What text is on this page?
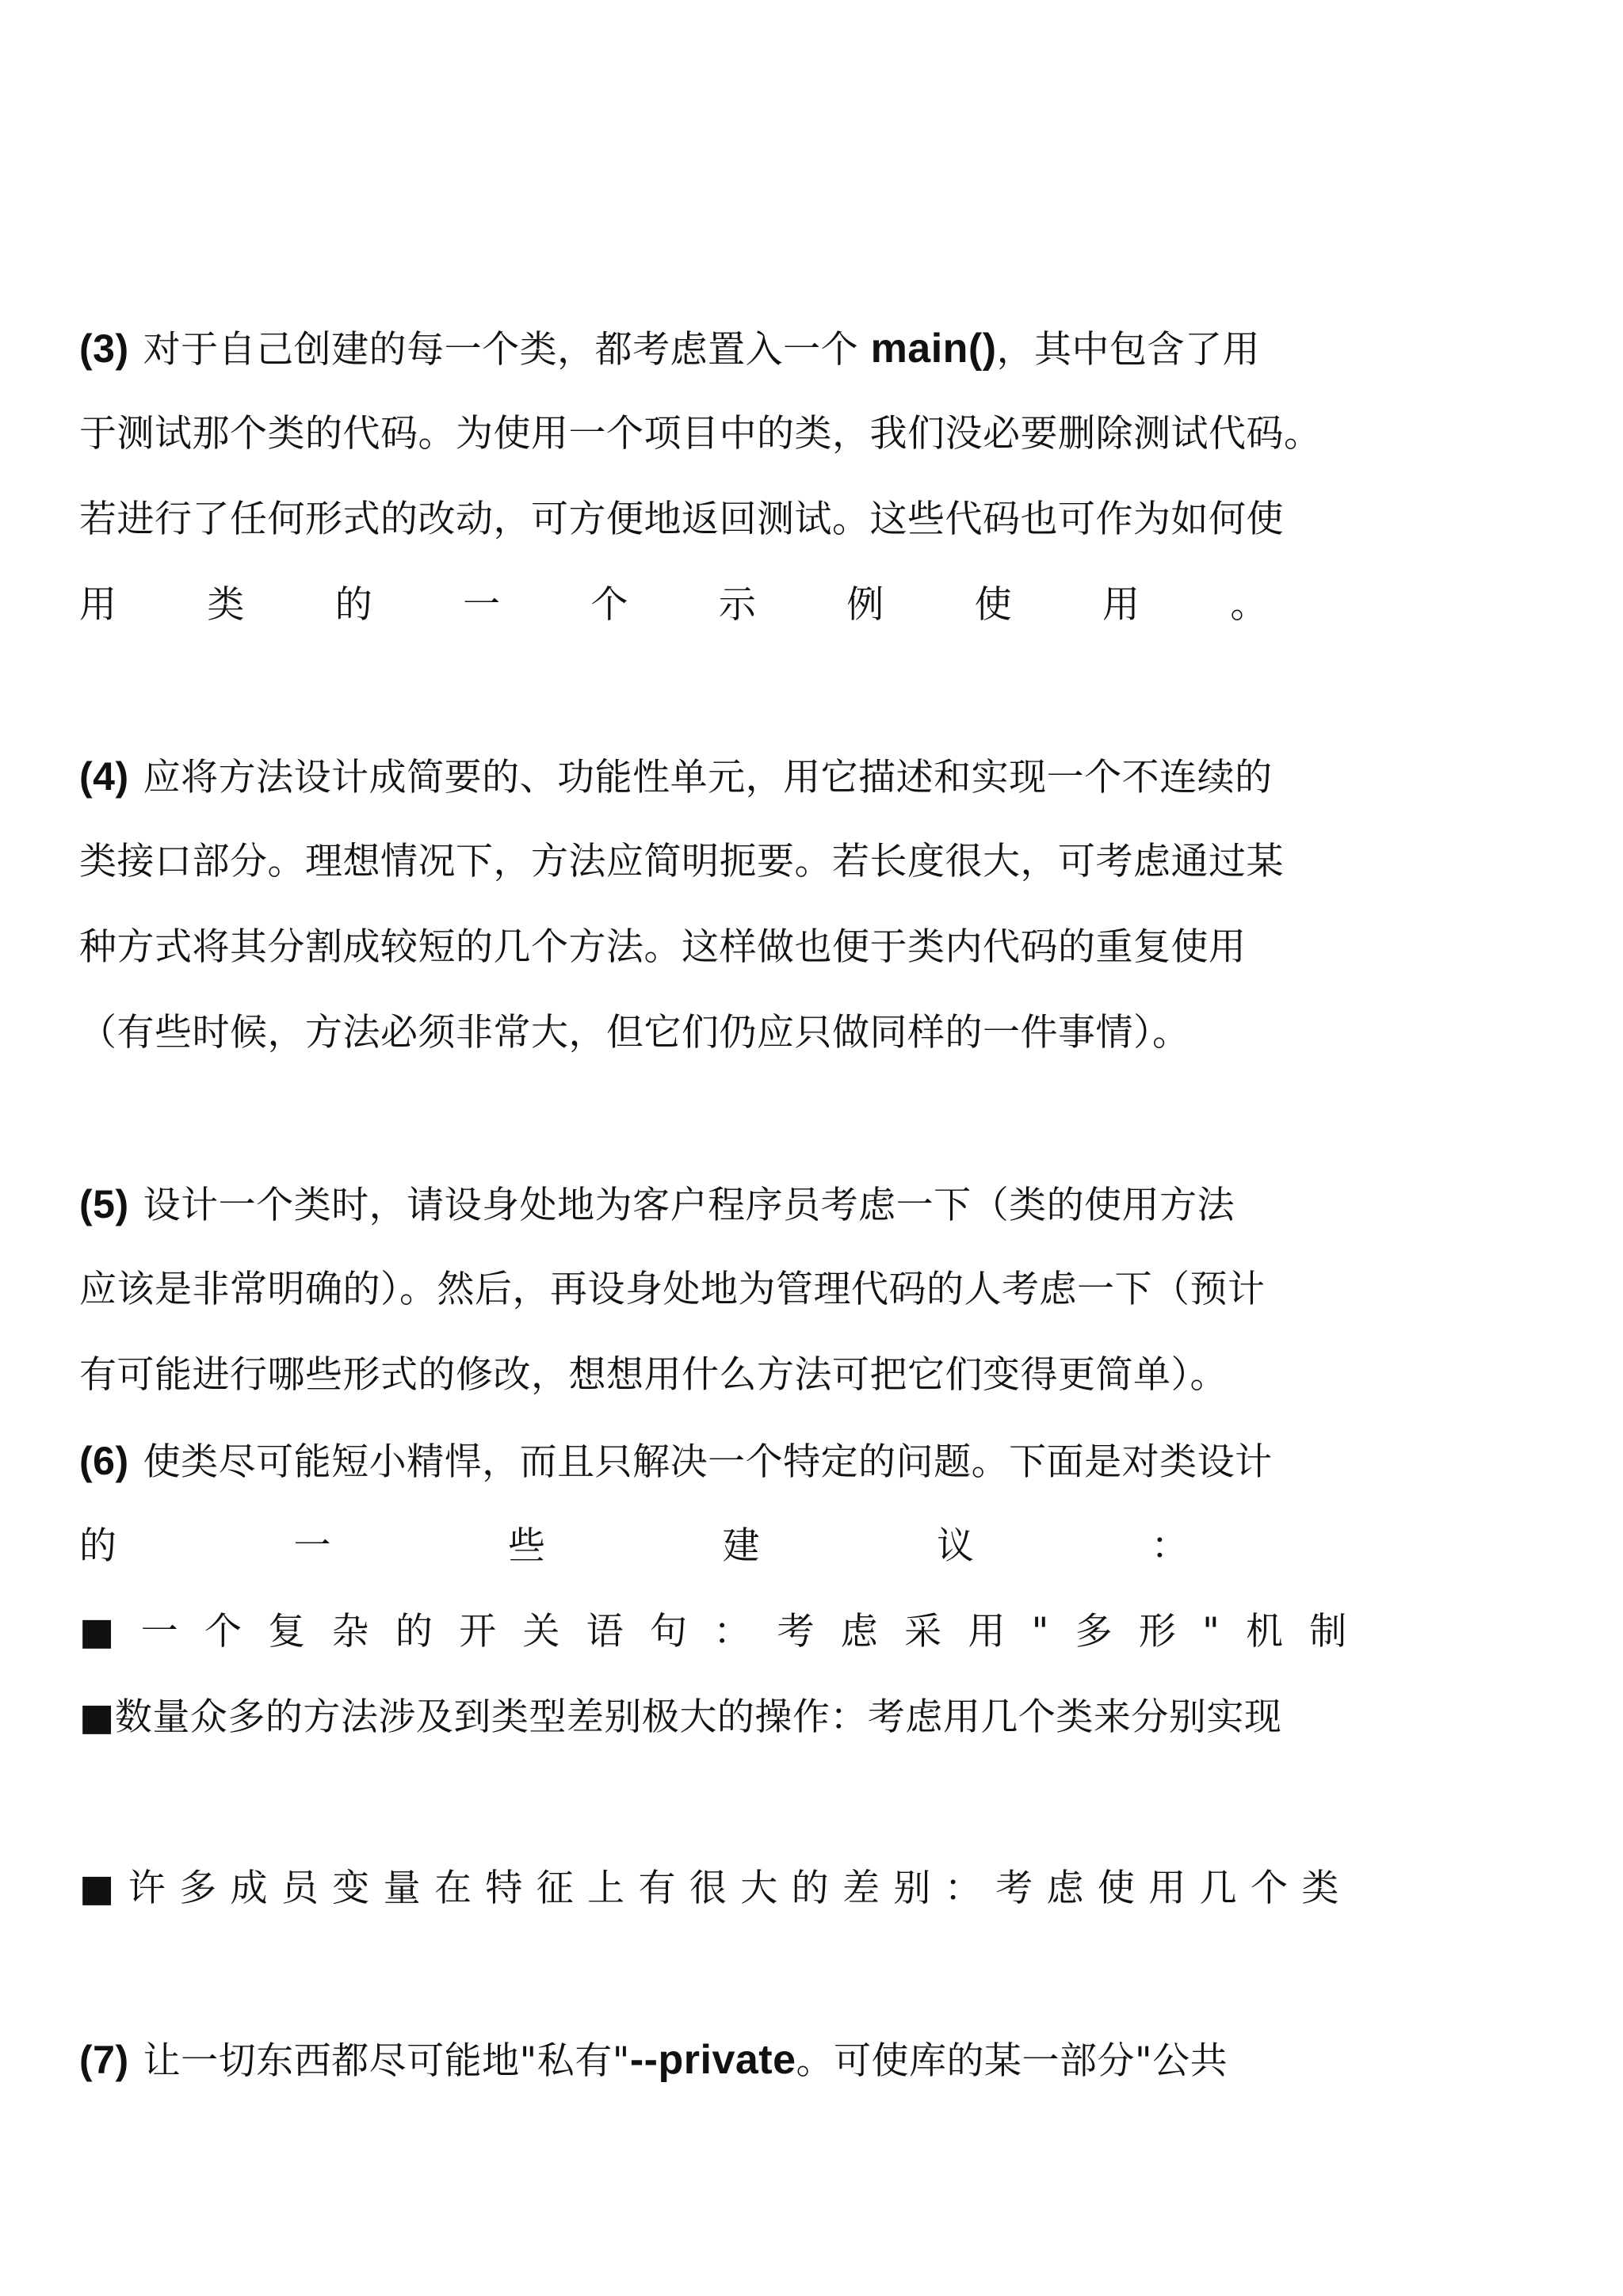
(3) 对于自己创建的每一个类，都考虑置入一个 main()，其中包含了用
于测试那个类的代码。为使用一个项目中的类，我们没必要删除测试代码。
若进行了任何形式的改动，可方便地返回测试。这些代码也可作为如何使
用 类 的 一 个 示 例 使 用 。
(4) 应将方法设计成简要的、功能性单元，用它描述和实现一个不连续的
类接口部分。理想情况下，方法应简明扼要。若长度很大，可考虑通过某
种方式将其分割成较短的几个方法。这样做也便于类内代码的重复使用
（有些时候，方法必须非常大，但它们仍应只做同样的一件事情）。
(5) 设计一个类时，请设身处地为客户程序员考虑一下（类的使用方法
应该是非常明确的）。然后，再设身处地为管理代码的人考虑一下（预计
有可能进行哪些形式的修改，想想用什么方法可把它们变得更简单）。
(6) 使类尽可能短小精悍，而且只解决一个特定的问题。下面是对类设计
的	一	些	建	议	：
■ 一 个 复 杂 的 开 关 语 句 ： 考 虑 采 用 " 多 形 " 机 制
■数量众多的方法涉及到类型差别极大的操作：考虑用几个类来分别实现
■ 许 多 成 员 变 量 在 特 征 上 有 很 大 的 差 别 ： 考 虑 使 用 几 个 类
(7) 让一切东西都尽可能地"私有"--private。可使库的某一部分"公共
